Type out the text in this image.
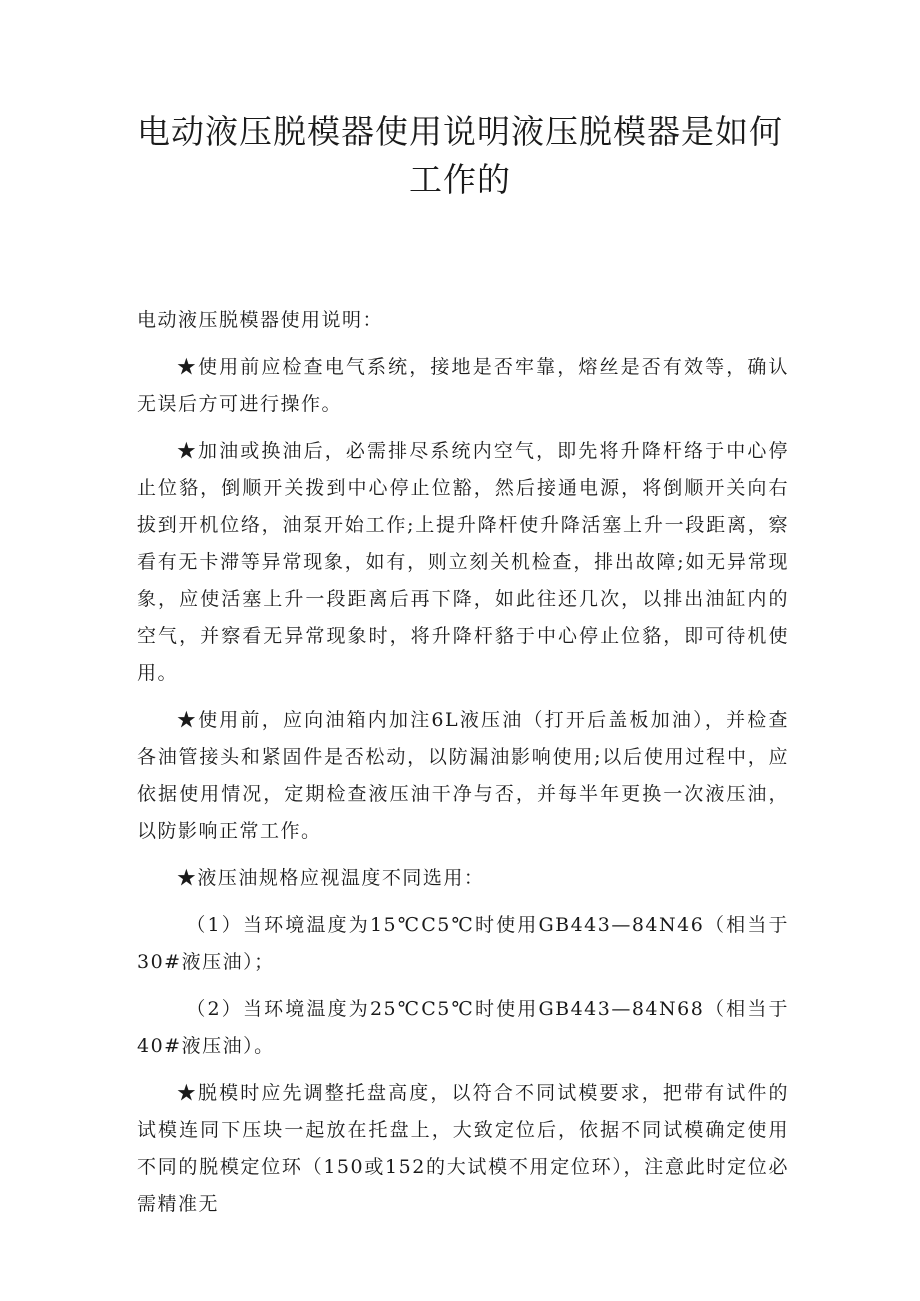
电动液压脱模器使用说明液压脱模器是如何工作的

电动液压脱模器使用说明：

★使用前应检查电气系统，接地是否牢靠，熔丝是否有效等，确认无误后方可进行操作。

★加油或换油后，必需排尽系统内空气，即先将升降杆络于中心停止位貉，倒顺开关拨到中心停止位豁，然后接通电源，将倒顺开关向右拔到开机位络，油泵开始工作;上提升降杆使升降活塞上升一段距离，察看有无卡滞等异常现象，如有，则立刻关机检查，排出故障;如无异常现象，应使活塞上升一段距离后再下降，如此往还几次，以排出油缸内的空气，并察看无异常现象时，将升降杆貉于中心停止位貉，即可待机使用。

★使用前，应向油箱内加注6L液压油（打开后盖板加油），并检查各油管接头和紧固件是否松动，以防漏油影响使用;以后使用过程中，应依据使用情况，定期检查液压油干净与否，并每半年更换一次液压油，以防影响正常工作。

★液压油规格应视温度不同选用：

（1）当环境温度为15℃C5℃时使用GB443—84N46（相当于30#液压油）；

（2）当环境温度为25℃C5℃时使用GB443—84N68（相当于40#液压油）。

★脱模时应先调整托盘高度，以符合不同试模要求，把带有试件的试模连同下压块一起放在托盘上，大致定位后，依据不同试模确定使用不同的脱模定位环（150或152的大试模不用定位环），注意此时定位必需精准无
